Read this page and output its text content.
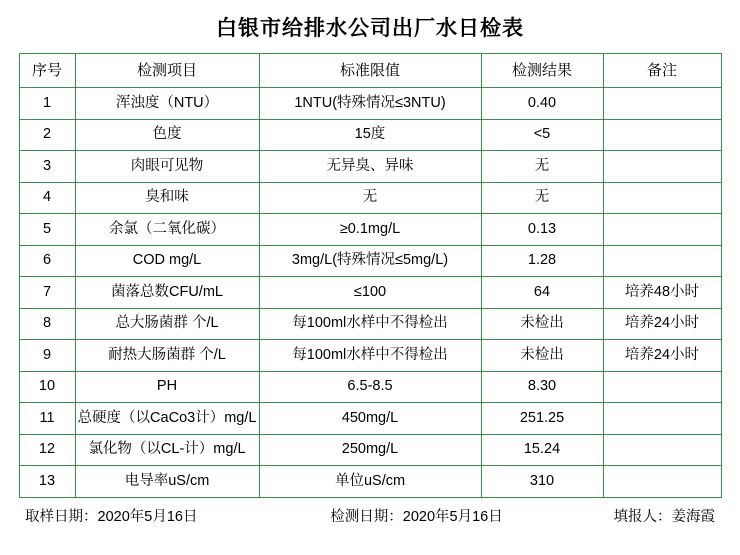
白银市给排水公司出厂水日检表
序号	检测项目	标准限值	检测结果	备注
1	浑浊度（NTU）	1NTU(特殊情况≤3NTU)	0.40	
2	色度	15度	<5	
3	肉眼可见物	无异臭、异味	无	
4	臭和味	无	无	
5	余氯（二氧化碳）	≥0.1mg/L	0.13	
6	COD mg/L	3mg/L(特殊情况≤5mg/L)	1.28	
7	菌落总数CFU/mL	≤100	64	培养48小时
8	总大肠菌群 个/L	每100ml水样中不得检出	未检出	培养24小时
9	耐热大肠菌群 个/L	每100ml水样中不得检出	未检出	培养24小时
10	PH	6.5-8.5	8.30	
11	总硬度（以CaCo3计）mg/L	450mg/L	251.25	
12	氯化物（以CL-计）mg/L	250mg/L	15.24	
13	电导率uS/cm	单位uS/cm	310	
取样日期：2020年5月16日	检测日期：2020年5月16日	填报人：姜海霞
